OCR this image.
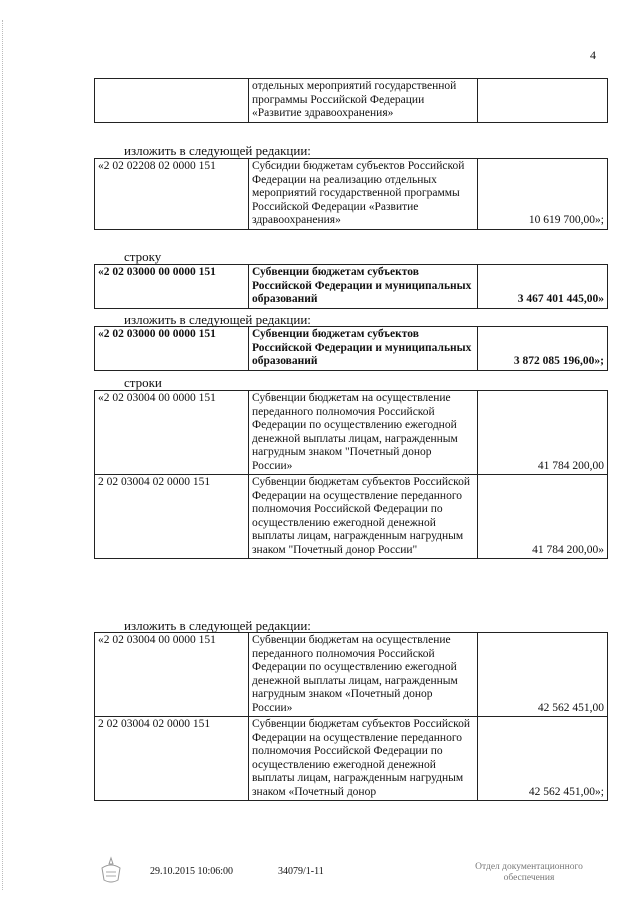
4
	отдельных мероприятий государственной программы Российской Федерации «Развитие здравоохранения»	
изложить в следующей редакции:
«2 02 02208 02 0000 151	Субсидии бюджетам субъектов Российской Федерации на реализацию отдельных мероприятий государственной программы Российской Федерации «Развитие здравоохранения»	10 619 700,00»;
строку
«2 02 03000 00 0000 151	Субвенции бюджетам субъектов Российской Федерации и муниципальных образований	3 467 401 445,00»
изложить в следующей редакции:
«2 02 03000 00 0000 151	Субвенции бюджетам субъектов Российской Федерации и муниципальных образований	3 872 085 196,00»;
строки
«2 02 03004 00 0000 151	Субвенции бюджетам на осуществление переданного полномочия Российской Федерации по осуществлению ежегодной денежной выплаты лицам, награжденным нагрудным знаком "Почетный донор России»	41 784 200,00
2 02 03004 02 0000 151	Субвенции бюджетам субъектов Российской Федерации на осуществление переданного полномочия Российской Федерации по осуществлению ежегодной денежной выплаты лицам, награжденным нагрудным знаком "Почетный донор России"	41 784 200,00»
изложить в следующей редакции:
«2 02 03004 00 0000 151	Субвенции бюджетам на осуществление переданного полномочия Российской Федерации по осуществлению ежегодной денежной выплаты лицам, награжденным нагрудным знаком «Почетный донор России»	42 562 451,00
2 02 03004 02 0000 151	Субвенции бюджетам субъектов Российской Федерации на осуществление переданного полномочия Российской Федерации по осуществлению ежегодной денежной выплаты лицам, награжденным нагрудным знаком «Почетный донор	42 562 451,00»;
29.10.2015 10:06:00	34079/1-11	Отдел документационного
обеспечения
